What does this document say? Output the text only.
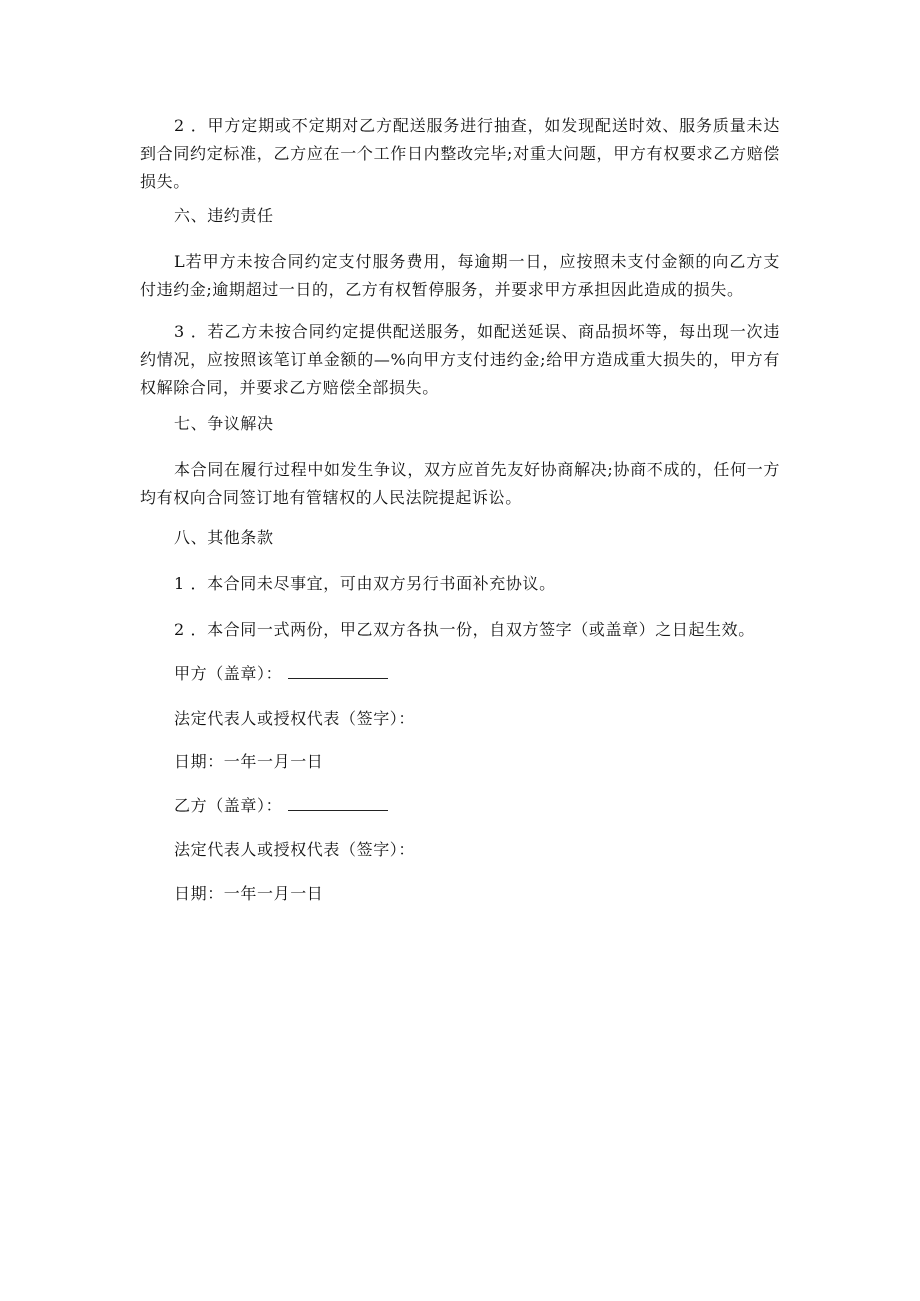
2 ．甲方定期或不定期对乙方配送服务进行抽查，如发现配送时效、服务质量未达到合同约定标准，乙方应在一个工作日内整改完毕;对重大问题，甲方有权要求乙方赔偿损失。

六、违约责任

L若甲方未按合同约定支付服务费用，每逾期一日，应按照未支付金额的向乙方支付违约金;逾期超过一日的，乙方有权暂停服务，并要求甲方承担因此造成的损失。

3 ．若乙方未按合同约定提供配送服务，如配送延误、商品损坏等，每出现一次违约情况，应按照该笔订单金额的—%向甲方支付违约金;给甲方造成重大损失的，甲方有权解除合同，并要求乙方赔偿全部损失。

七、争议解决

本合同在履行过程中如发生争议，双方应首先友好协商解决;协商不成的，任何一方均有权向合同签订地有管辖权的人民法院提起诉讼。

八、其他条款

1 ．本合同未尽事宜，可由双方另行书面补充协议。

2 ．本合同一式两份，甲乙双方各执一份，自双方签字（或盖章）之日起生效。

甲方（盖章）：

法定代表人或授权代表（签字）：

日期：一年一月一日

乙方（盖章）：

法定代表人或授权代表（签字）：

日期：一年一月一日
